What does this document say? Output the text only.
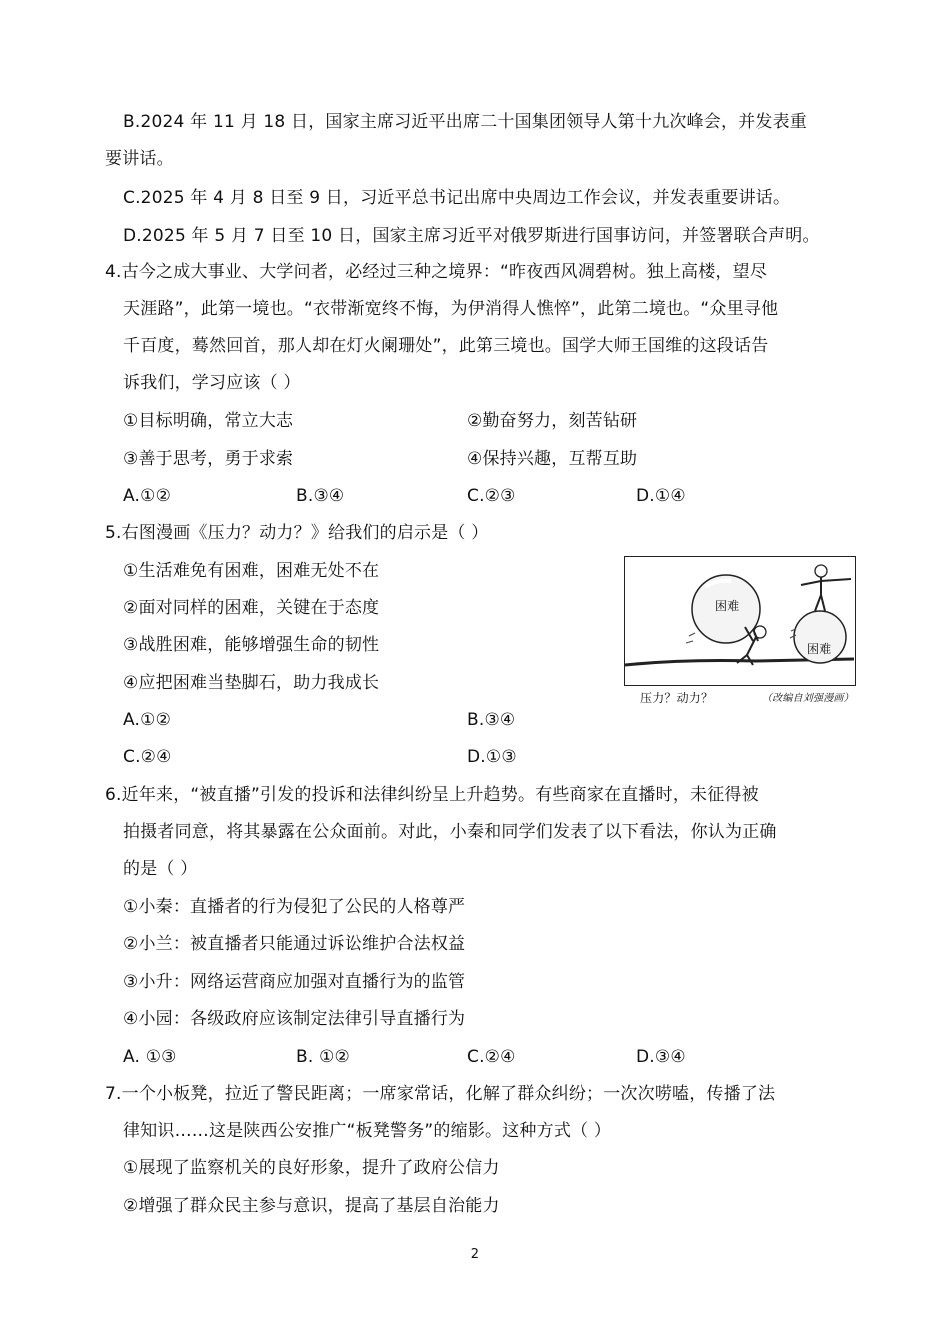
B.2024 年 11 月 18 日，国家主席习近平出席二十国集团领导人第十九次峰会，并发表重
要讲话。
C.2025 年 4 月 8 日至 9 日，习近平总书记出席中央周边工作会议，并发表重要讲话。
D.2025 年 5 月 7 日至 10 日，国家主席习近平对俄罗斯进行国事访问，并签署联合声明。
4.古今之成大事业、大学问者，必经过三种之境界：“昨夜西风凋碧树。独上高楼，望尽
天涯路”，此第一境也。“衣带渐宽终不悔，为伊消得人憔悴”，此第二境也。“众里寻他
千百度，蓦然回首，那人却在灯火阑珊处”，此第三境也。国学大师王国维的这段话告
诉我们，学习应该（ ）
①目标明确，常立大志	②勤奋努力，刻苦钻研
③善于思考，勇于求索	④保持兴趣，互帮互助
A.①②	B.③④	C.②③	D.①④
5.右图漫画《压力？动力？》给我们的启示是（ ）
①生活难免有困难，困难无处不在
②面对同样的困难，关键在于态度
③战胜困难，能够增强生命的韧性
④应把困难当垫脚石，助力我成长
A.①②	B.③④
C.②④	D.①③
困难
困难
压力？动力？	（改编自刘强漫画）
6.近年来，“被直播”引发的投诉和法律纠纷呈上升趋势。有些商家在直播时，未征得被
拍摄者同意，将其暴露在公众面前。对此，小秦和同学们发表了以下看法，你认为正确
的是（ ）
①小秦：直播者的行为侵犯了公民的人格尊严
②小兰：被直播者只能通过诉讼维护合法权益
③小升：网络运营商应加强对直播行为的监管
④小园：各级政府应该制定法律引导直播行为
A. ①③	B. ①②	C.②④	D.③④
7.一个小板凳，拉近了警民距离；一席家常话，化解了群众纠纷；一次次唠嗑，传播了法
律知识……这是陕西公安推广“板凳警务”的缩影。这种方式（ ）
①展现了监察机关的良好形象，提升了政府公信力
②增强了群众民主参与意识，提高了基层自治能力
2
